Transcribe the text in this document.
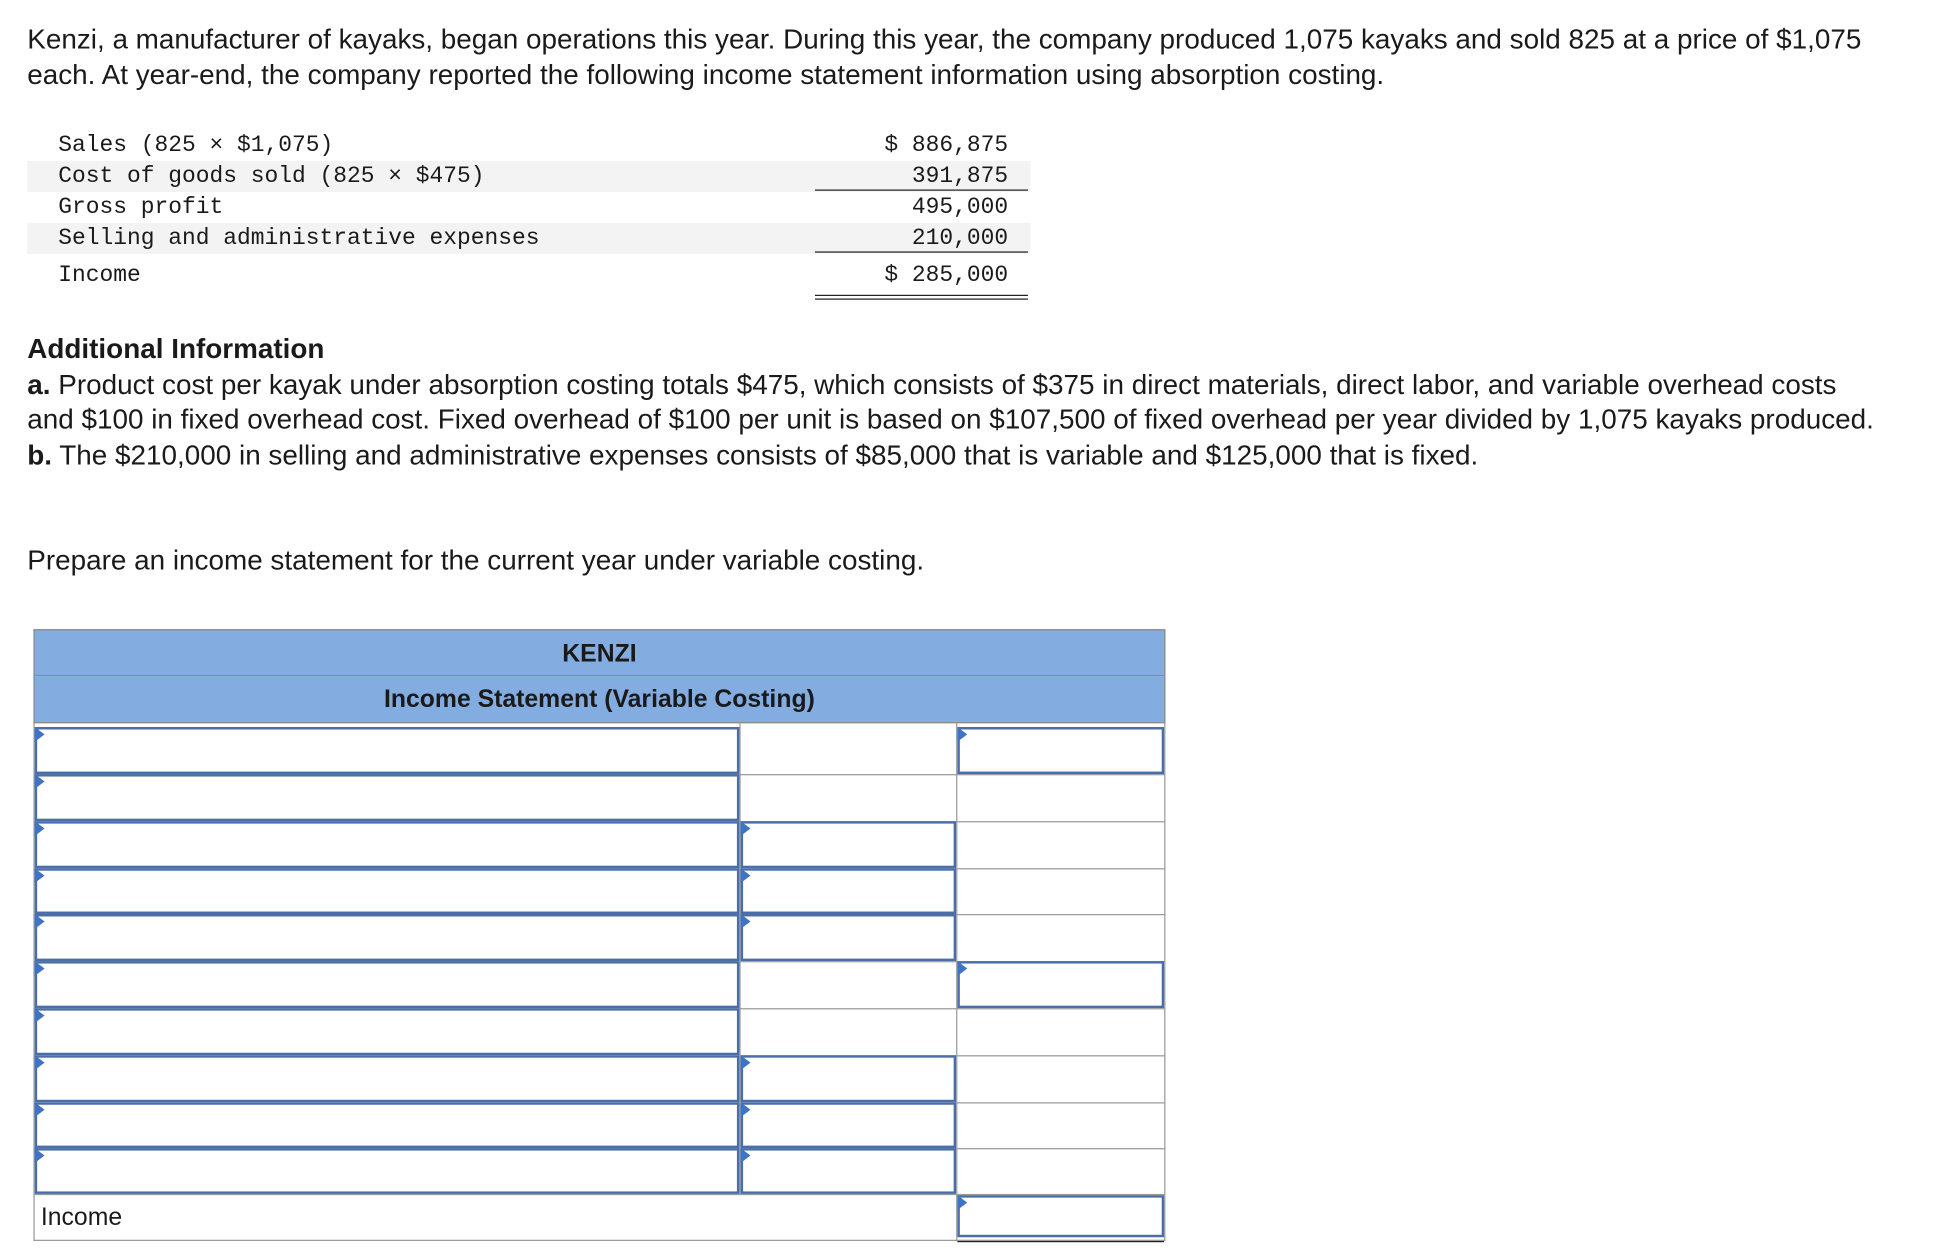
Kenzi, a manufacturer of kayaks, began operations this year. During this year, the company produced 1,075 kayaks and sold 825 at a price of $1,075 each. At year-end, the company reported the following income statement information using absorption costing.
Sales (825 × $1,075)	$ 886,875
Cost of goods sold (825 × $475)	391,875
Gross profit	495,000
Selling and administrative expenses	210,000
Income	$ 285,000
Additional Information
a. Product cost per kayak under absorption costing totals $475, which consists of $375 in direct materials, direct labor, and variable overhead costs and $100 in fixed overhead cost. Fixed overhead of $100 per unit is based on $107,500 of fixed overhead per year divided by 1,075 kayaks produced.
b. The $210,000 in selling and administrative expenses consists of $85,000 that is variable and $125,000 that is fixed.
Prepare an income statement for the current year under variable costing.
KENZI
Income Statement (Variable Costing)
Income
